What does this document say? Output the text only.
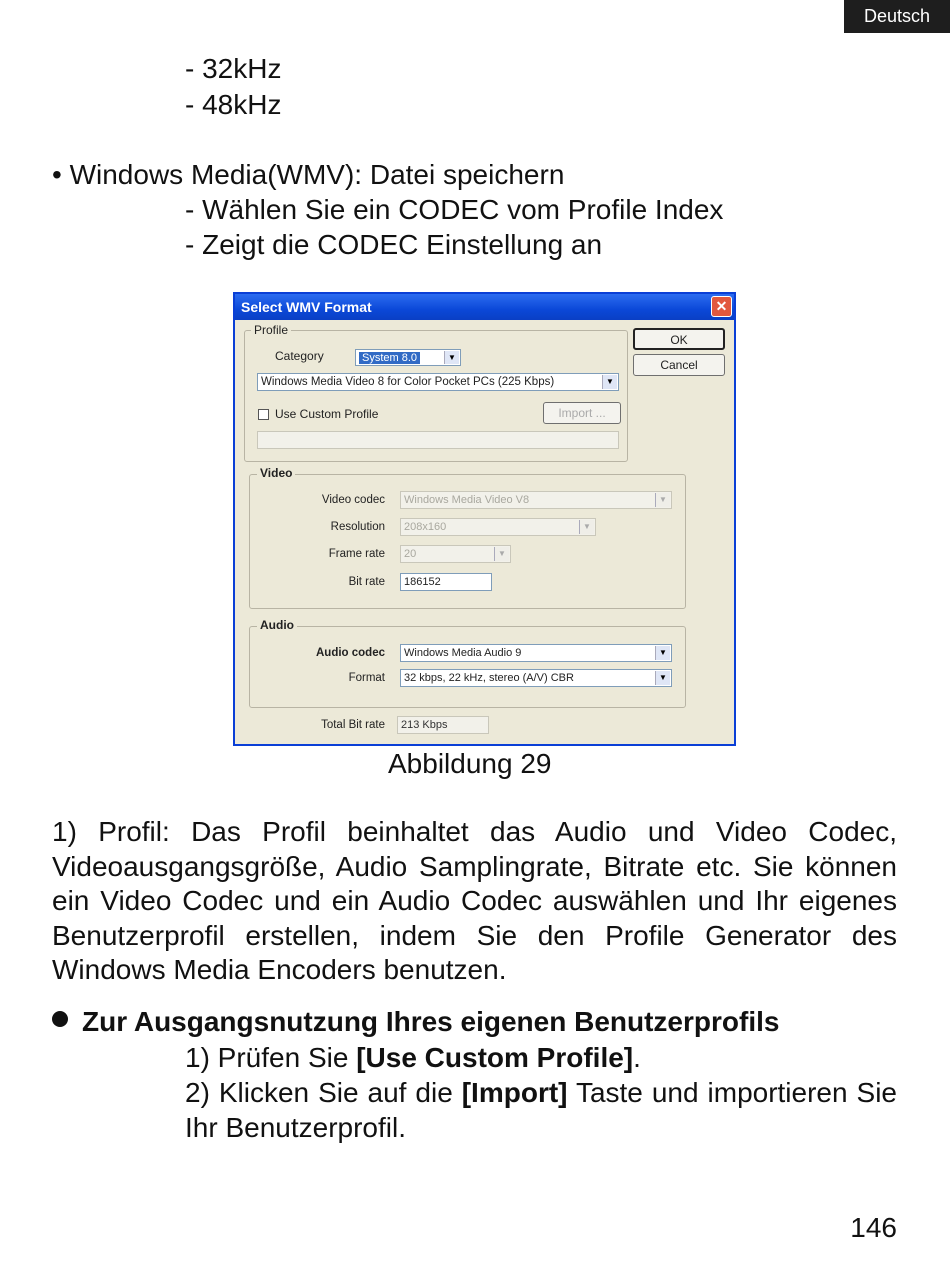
Deutsch
- 32kHz
- 48kHz
• Windows Media(WMV): Datei speichern
- Wählen Sie ein CODEC vom Profile Index
- Zeigt die CODEC Einstellung an
Select WMV Format	✕
Profile
Category	System 8.0	▼
Windows Media Video 8 for Color Pocket PCs (225 Kbps)	▼
Use Custom Profile	Import ...
OK
Cancel
Video
Video codec	Windows Media Video V8	▼
Resolution	208x160	▼
Frame rate	20	▼
Bit rate	186152
Audio
Audio codec	Windows Media Audio 9	▼
Format	32 kbps, 22 kHz, stereo (A/V) CBR	▼
Total Bit rate	213 Kbps
Abbildung 29
1) Profil: Das Profil beinhaltet das Audio und Video Codec, Videoausgangsgröße, Audio Samplingrate, Bitrate etc. Sie können ein Video Codec und ein Audio Codec auswählen und Ihr eigenes Benutzerprofil erstellen, indem Sie den Profile Generator des Windows Media Encoders benutzen.
Zur Ausgangsnutzung Ihres eigenen Benutzerprofils
1) Prüfen Sie [Use Custom Profile].
2) Klicken Sie auf die [Import] Taste und importieren Sie Ihr Benutzerprofil.
146
